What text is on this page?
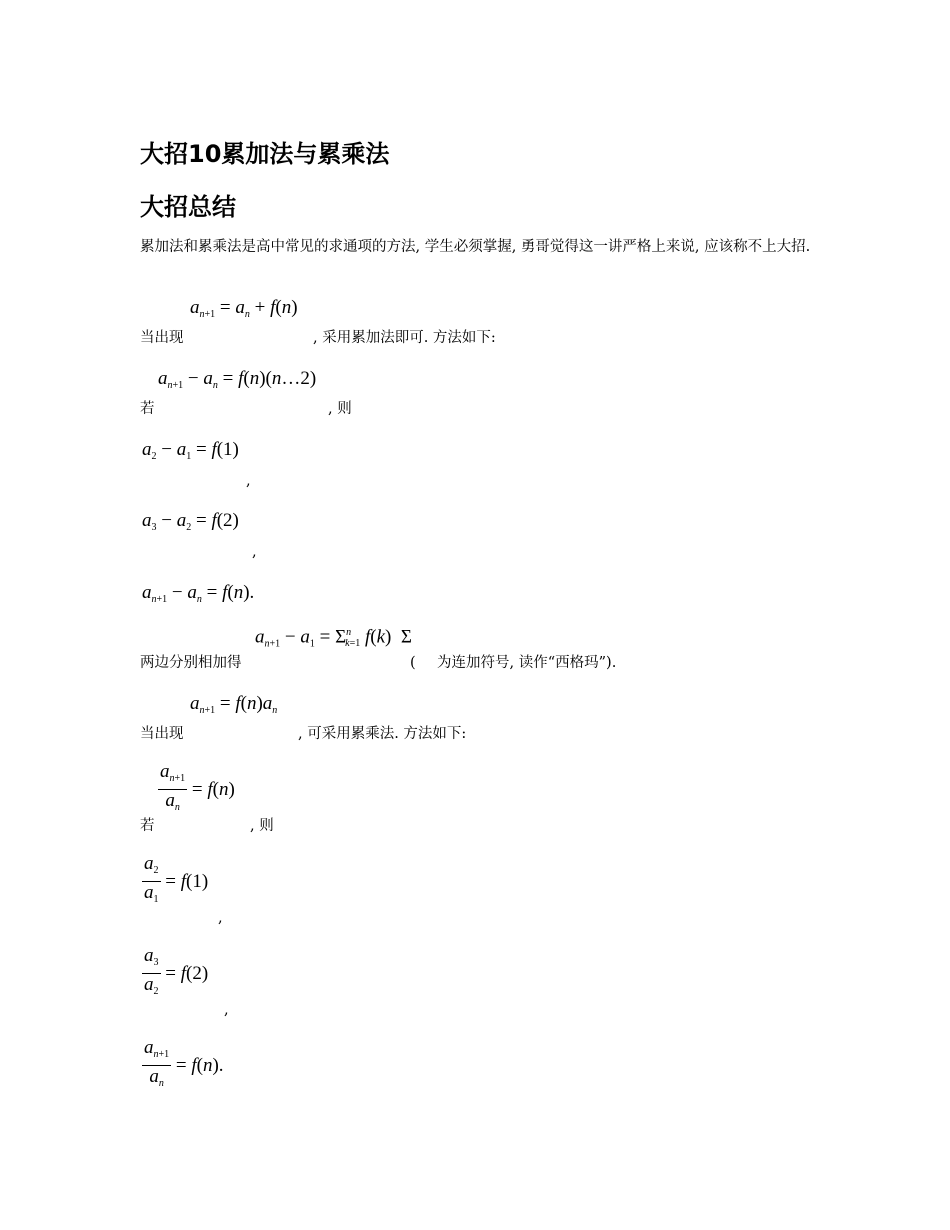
大招10累加法与累乘法
大招总结
累加法和累乘法是高中常见的求通项的方法, 学生必须掌握, 勇哥觉得这一讲严格上来说, 应该称不上大招.
$a_{n+1} = a_n + f(n)$
当出现	, 采用累加法即可. 方法如下:
$a_{n+1} - a_n$ = f(n)(n…2)
若	, 则
$a_2 - a_1 = f(1)$
,
$a_3 - a_2 = f(2)$
,
$a_{n+1} - a_n = f(n)$.
$a_{n+1} - a_1 = \Sigma^n_{k=1}$ f(k)  Σ
两边分别相加得	( 为连加符号, 读作“西格玛”).
$a_{n+1} = f(n)a_n$
当出现	, 可采用累乘法. 方法如下:
$\frac{a_{n+1}}{a_n} = f(n)$
若	, 则
$\frac{a_2}{a_1} = f(1)$
,
$\frac{a_3}{a_2} = f(2)$
,
$\frac{a_{n+1}}{a_n} = f(n)$.
